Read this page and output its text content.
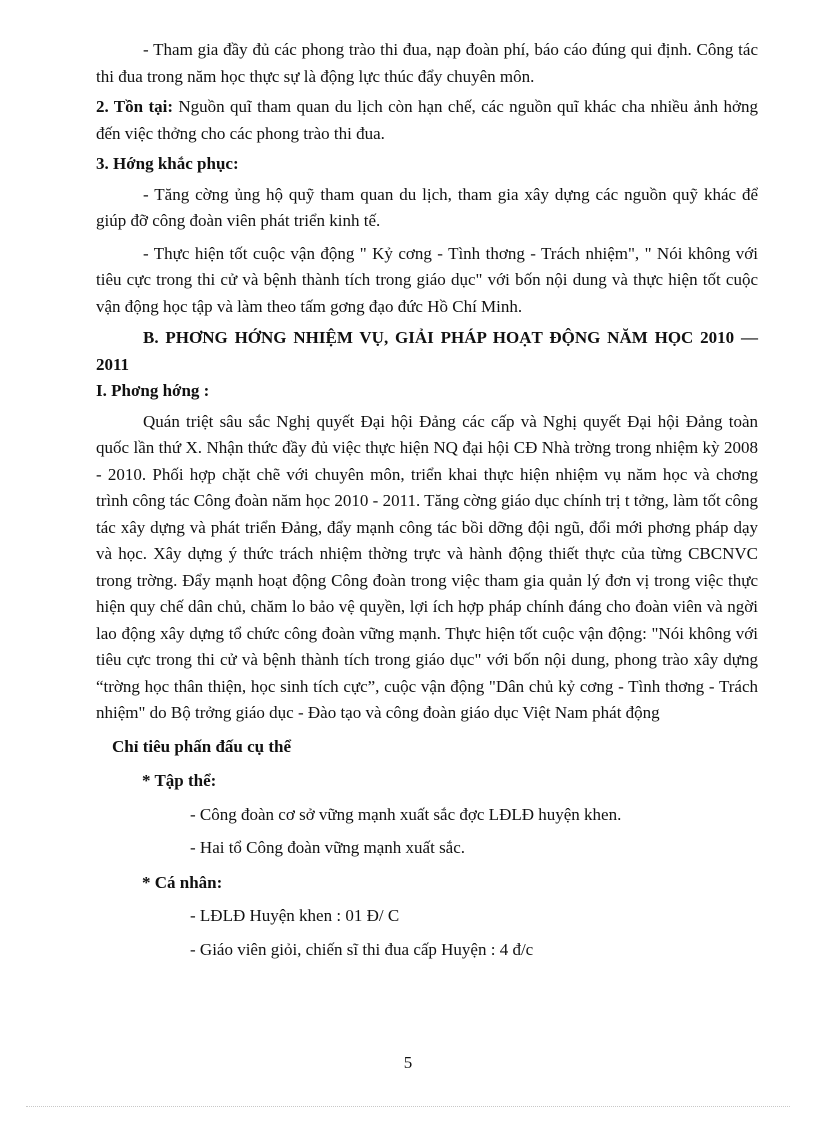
- Tham gia đầy đủ các phong trào thi đua, nạp đoàn phí, báo cáo đúng qui định. Công tác thi đua trong năm học thực sự là động lực thúc đẩy chuyên môn.

2. Tồn tại: Nguồn quĩ tham quan du lịch còn hạn chế, các nguồn quĩ khác cha nhiều ảnh hởng đến việc thởng cho các phong trào thi đua.

3. Hớng khắc phục:

- Tăng cờng ủng hộ quỹ tham quan du lịch, tham gia xây dựng các nguồn quỹ khác để giúp đỡ công đoàn viên phát triển kinh tế.

- Thực hiện tốt cuộc vận động " Kỷ cơng - Tình thơng - Trách nhiệm", " Nói không với tiêu cực trong thi cử và bệnh thành tích trong giáo dục" với bốn nội dung và thực hiện tốt cuộc vận động học tập và làm theo tấm gơng đạo đức Hồ Chí Minh.

B. PHƠNG HỚNG NHIỆM VỤ, GIẢI PHÁP HOẠT ĐỘNG NĂM HỌC 2010 —2011

I. Phơng hớng :

Quán triệt sâu sắc Nghị quyết Đại hội Đảng các cấp và Nghị quyết Đại hội Đảng toàn quốc lần thứ X. Nhận thức đầy đủ việc thực hiện NQ đại hội CĐ Nhà trờng trong nhiệm kỳ 2008 - 2010. Phối hợp chặt chẽ với chuyên môn, triển khai thực hiện nhiệm vụ năm học và chơng trình công tác Công đoàn năm học 2010 - 2011. Tăng cờng giáo dục chính trị t tởng, làm tốt công tác xây dựng và phát triển Đảng, đẩy mạnh công tác bồi dỡng đội ngũ, đổi mới phơng pháp dạy và học. Xây dựng ý thức trách nhiệm thờng trực và hành động thiết thực của từng CBCNVC trong trờng. Đẩy mạnh hoạt động Công đoàn trong việc tham gia quản lý đơn vị trong việc thực hiện quy chế dân chủ, chăm lo bảo vệ quyền, lợi ích hợp pháp chính đáng cho đoàn viên và ngời lao động xây dựng tổ chức công đoàn vững mạnh. Thực hiện tốt cuộc vận động: "Nói không với tiêu cực trong thi cử và bệnh thành tích trong giáo dục" với bốn nội dung, phong trào xây dựng “trờng học thân thiện, học sinh tích cực”, cuộc vận động "Dân chủ kỷ cơng - Tình thơng - Trách nhiệm" do Bộ trởng giáo dục - Đào tạo và công đoàn giáo dục Việt Nam phát động

Chỉ tiêu phấn đấu cụ thể

* Tập thể:

- Công đoàn cơ sở vững mạnh xuất sắc đợc LĐLĐ huyện khen.

- Hai tổ Công đoàn vững mạnh xuất sắc.

* Cá nhân:

- LĐLĐ Huyện khen : 01 Đ/ C

- Giáo viên giỏi, chiến sĩ thi đua cấp Huyện : 4 đ/c

5
